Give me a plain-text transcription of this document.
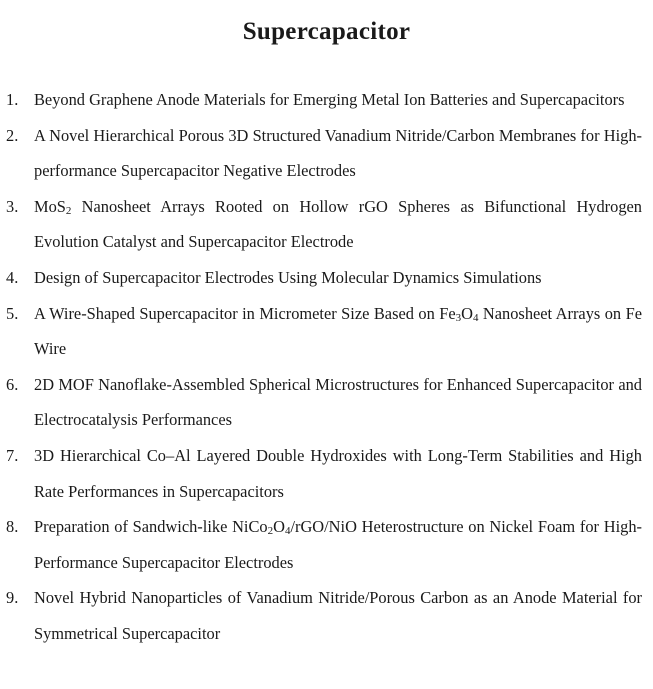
Supercapacitor
1. Beyond Graphene Anode Materials for Emerging Metal Ion Batteries and Supercapacitors
2. A Novel Hierarchical Porous 3D Structured Vanadium Nitride/Carbon Membranes for High-performance Supercapacitor Negative Electrodes
3. MoS$_2$ Nanosheet Arrays Rooted on Hollow rGO Spheres as Bifunctional Hydrogen Evolution Catalyst and Supercapacitor Electrode
4. Design of Supercapacitor Electrodes Using Molecular Dynamics Simulations
5. A Wire-Shaped Supercapacitor in Micrometer Size Based on $Fe_3O_4$ Nanosheet Arrays on Fe Wire
6. 2D MOF Nanoflake-Assembled Spherical Microstructures for Enhanced Supercapacitor and Electrocatalysis Performances
7. 3D Hierarchical Co–Al Layered Double Hydroxides with Long-Term Stabilities and High Rate Performances in Supercapacitors
8. Preparation of Sandwich-like $NiCo_2O_4/rGO$/NiO Heterostructure on Nickel Foam for High-Performance Supercapacitor Electrodes
9. Novel Hybrid Nanoparticles of Vanadium Nitride/Porous Carbon as an Anode Material for Symmetrical Supercapacitor
